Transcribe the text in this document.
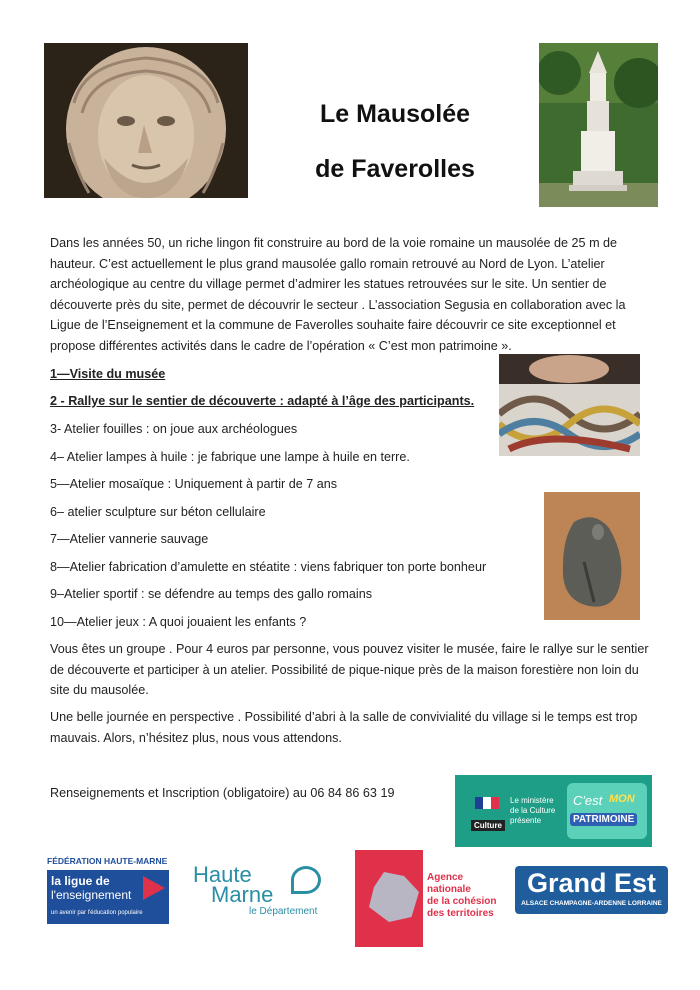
Le Mausolée
de Faverolles
Dans les années 50, un riche lingon fit construire au bord de la voie romaine un mausolée de 25 m de hauteur. C’est actuellement le plus grand mausolée gallo romain retrouvé au Nord de Lyon. L’atelier archéologique au centre du village permet d’admirer les statues retrouvées sur le site. Un sentier de découverte près du site, permet de découvrir le secteur . L’association Segusia en collaboration avec la Ligue de l’Enseignement et la commune de Faverolles souhaite faire découvrir ce site exceptionnel et propose différentes activités dans le cadre de l’opération « C’est mon patrimoine ».
1—Visite du musée
2 - Rallye sur le sentier de découverte : adapté à l’âge des participants.
3- Atelier fouilles : on joue aux archéologues
4– Atelier lampes à huile : je fabrique une lampe à huile en terre.
5—Atelier mosaïque : Uniquement à partir de 7 ans
6– atelier sculpture sur béton cellulaire
7—Atelier vannerie sauvage
8—Atelier fabrication d’amulette en stéatite : viens fabriquer ton porte bonheur
9–Atelier sportif : se défendre au temps des gallo romains
10—Atelier jeux : A quoi jouaient les enfants ?
Vous êtes un groupe . Pour 4 euros par personne, vous pouvez visiter le musée, faire le rallye sur le sentier de découverte et participer à un atelier. Possibilité de pique-nique près de la maison forestière non loin du site du mausolée.
Une belle journée en perspective . Possibilité d’abri à la salle de convivialité du village si le temps est trop mauvais. Alors, n’hésitez plus, nous vous attendons.
Renseignements et Inscription (obligatoire) au 06 84 86 63 19
Culture
Le ministère
de la Culture
présente
C'est MON
PATRIMOINE
FÉDÉRATION HAUTE-MARNE
la ligue de
l'enseignement
un avenir par l'éducation populaire
Haute
Marne
le Département
Agence
nationale
de la cohésion
des territoires
Grand Est
ALSACE CHAMPAGNE-ARDENNE LORRAINE
